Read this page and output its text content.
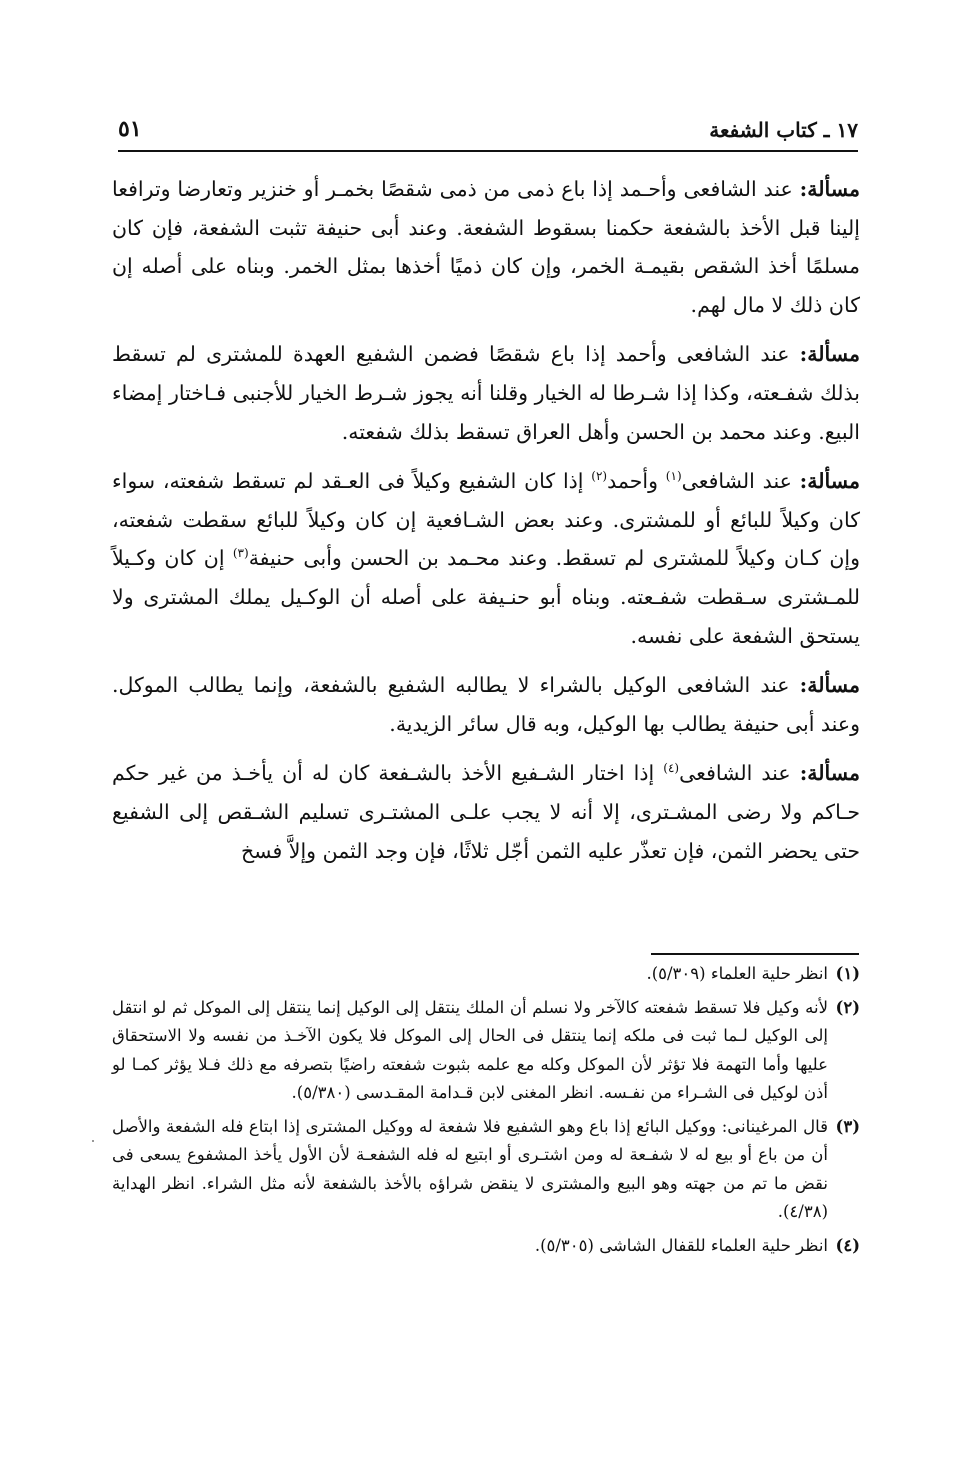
١٧ ـ كتاب الشفعة
٥١

مسألة: عند الشافعى وأحـمد إذا باع ذمى من ذمى شقصًا بخمـر أو خنزير وتعارضا وترافعا إلينا قبل الأخذ بالشفعة حكمنا بسقوط الشفعة. وعند أبى حنيفة تثبت الشفعة، فإن كان مسلمًا أخذ الشقص بقيمـة الخمر، وإن كان ذميًا أخذها بمثل الخمر. وبناه على أصله إن كان ذلك لا مال لهم.

مسألة: عند الشافعى وأحمد إذا باع شقصًا فضمن الشفيع العهدة للمشترى لم تسقط بذلك شفـعته، وكذا إذا شـرطا له الخيار وقلنا أنه يجوز شـرط الخيار للأجنبى فـاختار إمضاء البيع. وعند محمد بن الحسن وأهل العراق تسقط بذلك شفعته.

مسألة: عند الشافعى$^{(١)}$ وأحمد$^{(٢)}$ إذا كان الشفيع وكيلاً فى العـقد لم تسقط شفعته، سواء كان وكيلاً للبائع أو للمشترى. وعند بعض الشـافعية إن كان وكيلاً للبائع سقطت شفعته، وإن كـان وكيلاً للمشترى لم تسقط. وعند محـمد بن الحسن وأبى حنيفة$^{(٣)}$ إن كان وكـيلاً للمـشترى سـقطت شفـعته. وبناه أبو حنـيفة على أصله أن الوكـيل يملك المشترى ولا يستحق الشفعة على نفسه.

مسألة: عند الشافعى الوكيل بالشراء لا يطالبه الشفيع بالشفعة، وإنما يطالب الموكل. وعند أبى حنيفة يطالب بها الوكيل، وبه قال سائر الزيدية.

مسألة: عند الشافعى$^{(٤)}$ إذا اختار الشـفيع الأخذ بالشـفعة كان له أن يأخـذ من غير حكم حـاكم ولا رضى المشـترى، إلا أنه لا يجب علـى المشتـرى تسليم الشـقص إلى الشفيع حتى يحضر الثمن، فإن تعذّر عليه الثمن أجّل ثلاثًا، فإن وجد الثمن وإلاَّ فسخ

(١)
انظر حلية العلماء (٥/٣٠٩).

(٢)
لأنه وكيل فلا تسقط شفعته كالآخر ولا نسلم أن الملك ينتقل إلى الوكيل إنما ينتقل إلى الموكل ثم لو انتقل إلى الوكيل لـما ثبت فى ملكه إنما ينتقل فى الحال إلى الموكل فلا يكون الآخـذ من نفسه ولا الاستحقاق عليها وأما التهمة فلا تؤثر لأن الموكل وكله مع علمه بثبوت شفعته راضيًا بتصرفه مع ذلك فـلا يؤثر كمـا لو أذن لوكيل فى الشـراء من نفـسه. انظر المغنى لابن قـدامة المقـدسى (٥/٣٨٠).

(٣)
قال المرغينانى: ووكيل البائع إذا باع وهو الشفيع فلا شفعة له ووكيل المشترى إذا ابتاع فله الشفعة والأصل أن من باع أو بيع له لا شفـعة له ومن اشتـرى أو ابتيع له فله الشفعـة لأن الأول يأخذ المشفوع يسعى فى نقض ما تم من جهته وهو البيع والمشترى لا ينقض شراؤه بالأخذ بالشفعة لأنه مثل الشراء. انظر الهداية (٤/٣٨).

(٤)
انظر حلية العلماء للقفال الشاشى (٥/٣٠٥).
